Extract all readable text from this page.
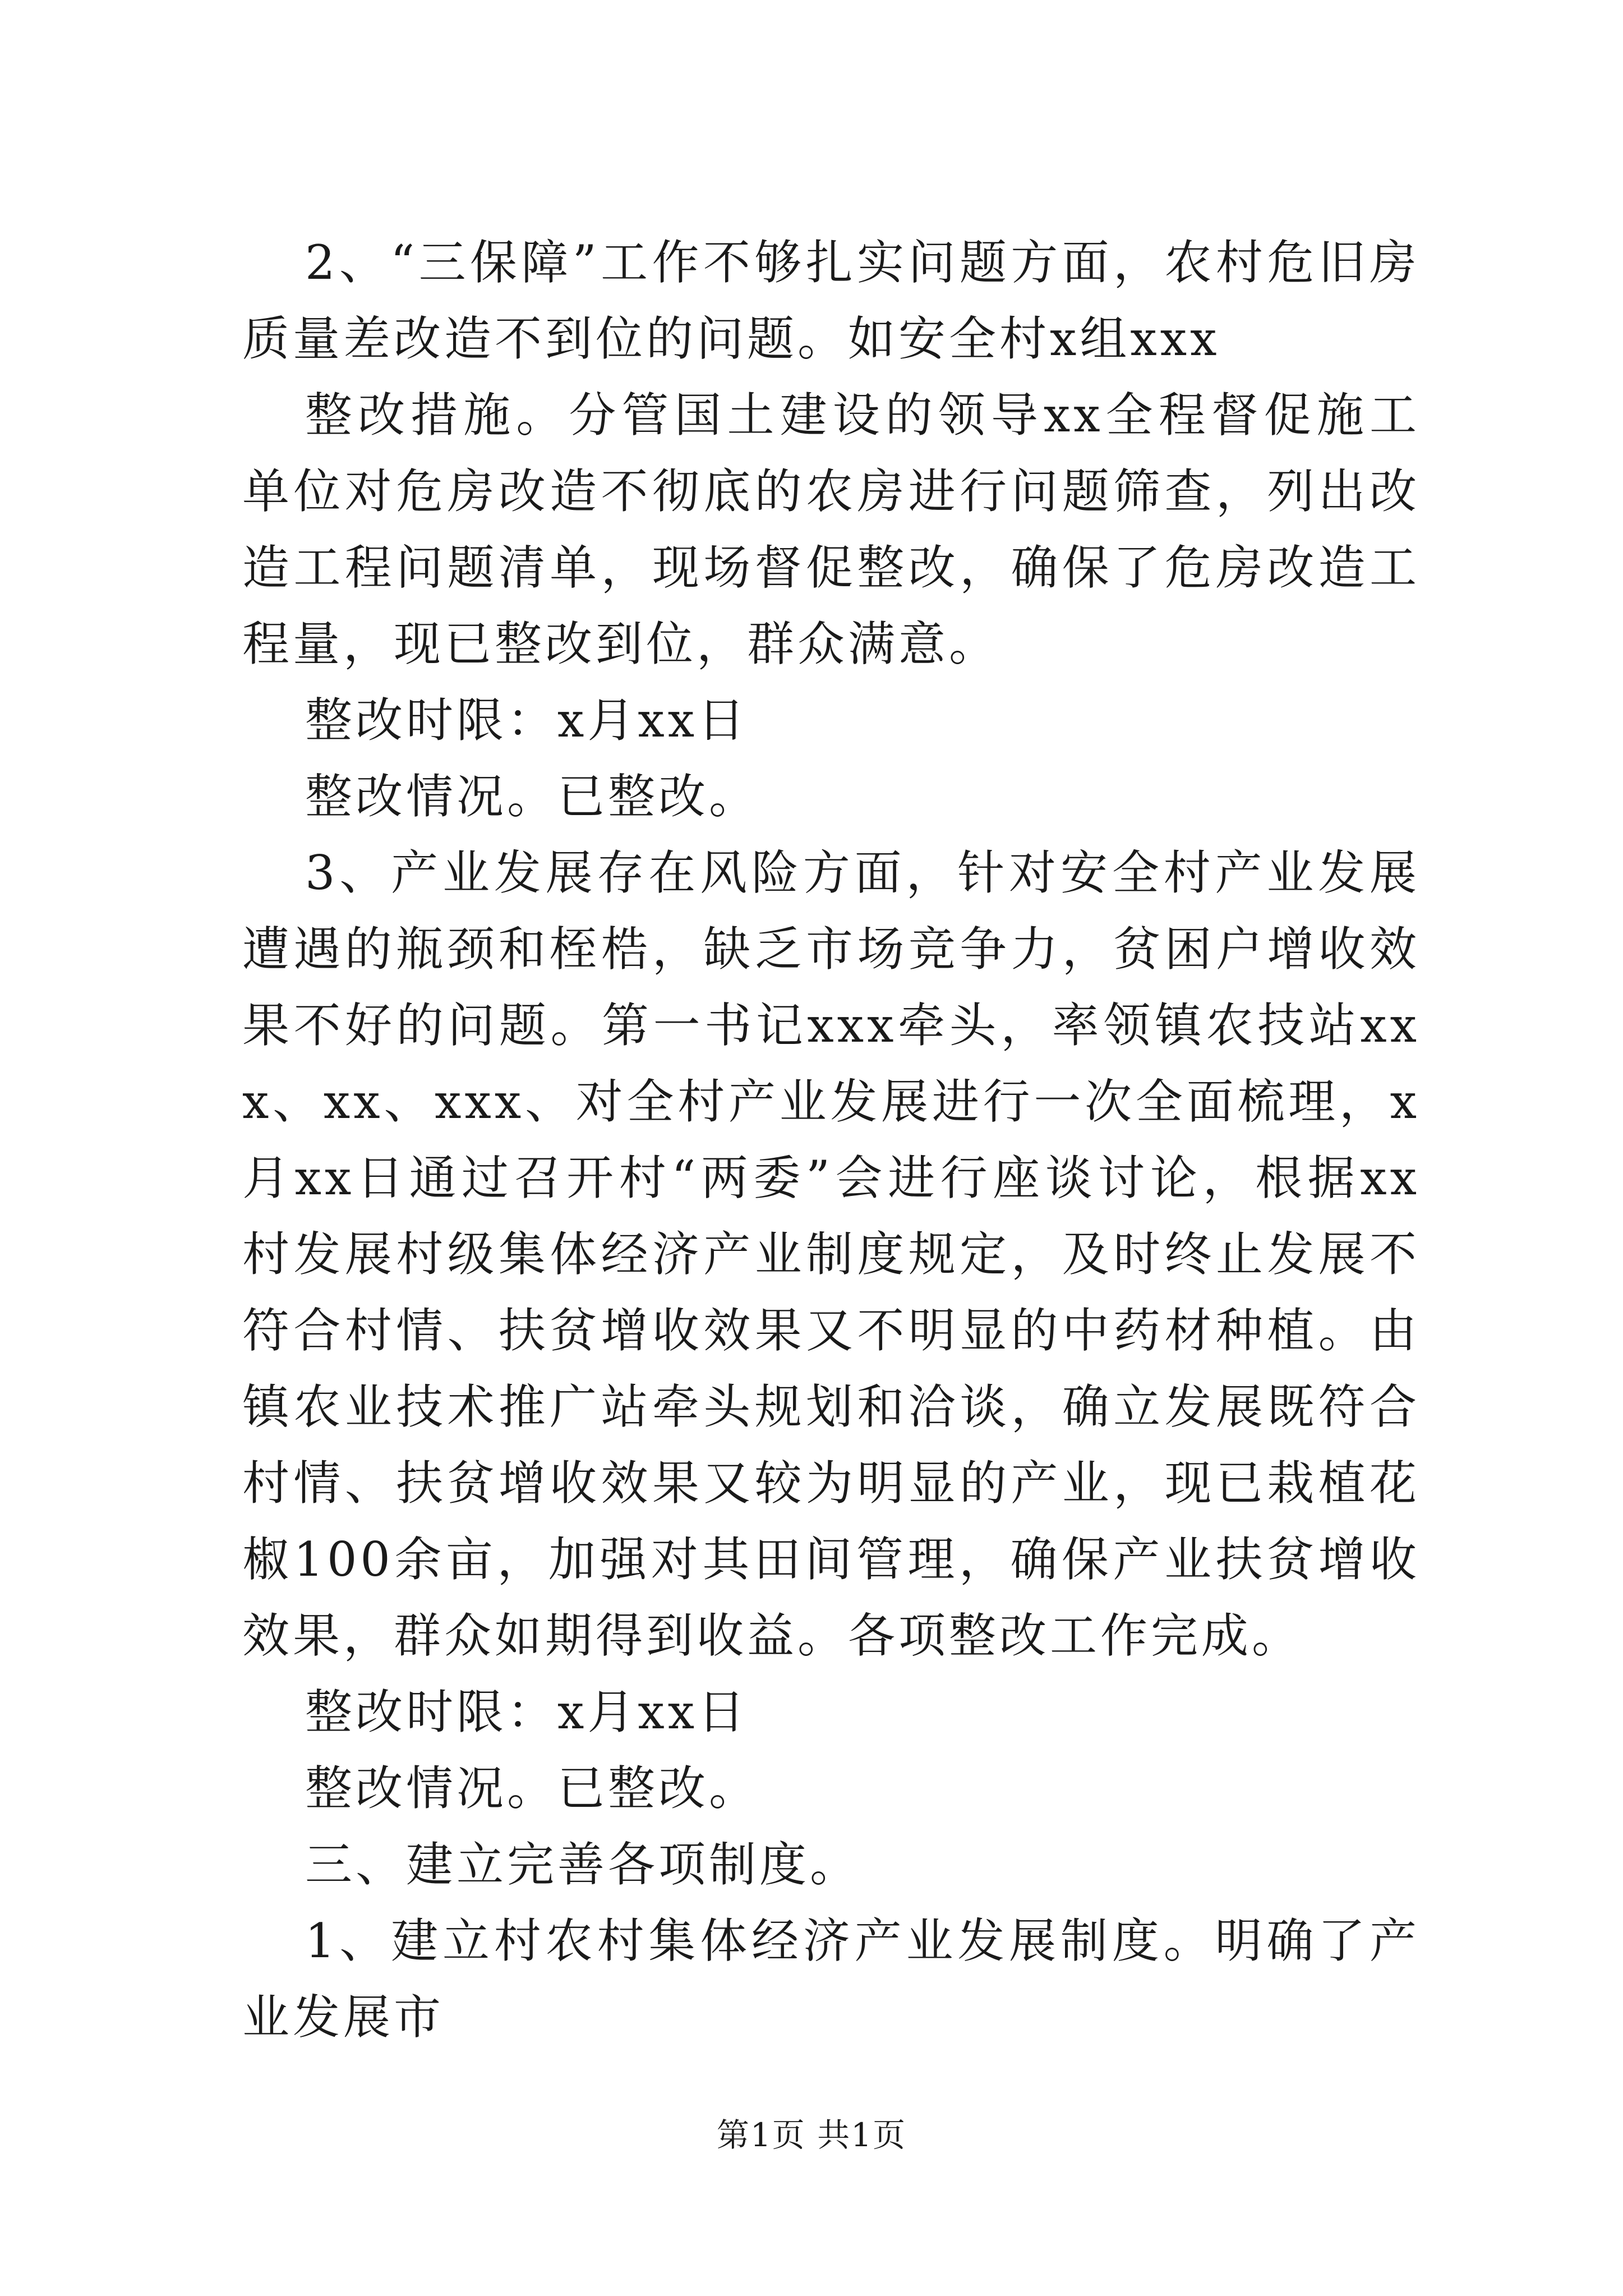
2、“三保障”工作不够扎实问题方面，农村危旧房质量差改造不到位的问题。如安全村x组xxx

整改措施。分管国土建设的领导xx全程督促施工单位对危房改造不彻底的农房进行问题筛查，列出改造工程问题清单，现场督促整改，确保了危房改造工程量，现已整改到位，群众满意。

整改时限：x月xx日

整改情况。已整改。

3、产业发展存在风险方面，针对安全村产业发展遭遇的瓶颈和桎梏，缺乏市场竞争力，贫困户增收效果不好的问题。第一书记xxx牵头，率领镇农技站xxx、xx、xxx、对全村产业发展进行一次全面梳理，x月xx日通过召开村“两委”会进行座谈讨论，根据xx村发展村级集体经济产业制度规定，及时终止发展不符合村情、扶贫增收效果又不明显的中药材种植。由镇农业技术推广站牵头规划和洽谈，确立发展既符合村情、扶贫增收效果又较为明显的产业，现已栽植花椒100余亩，加强对其田间管理，确保产业扶贫增收效果，群众如期得到收益。各项整改工作完成。

整改时限：x月xx日

整改情况。已整改。

三、建立完善各项制度。

1、建立村农村集体经济产业发展制度。明确了产业发展市

第1页 共1页
